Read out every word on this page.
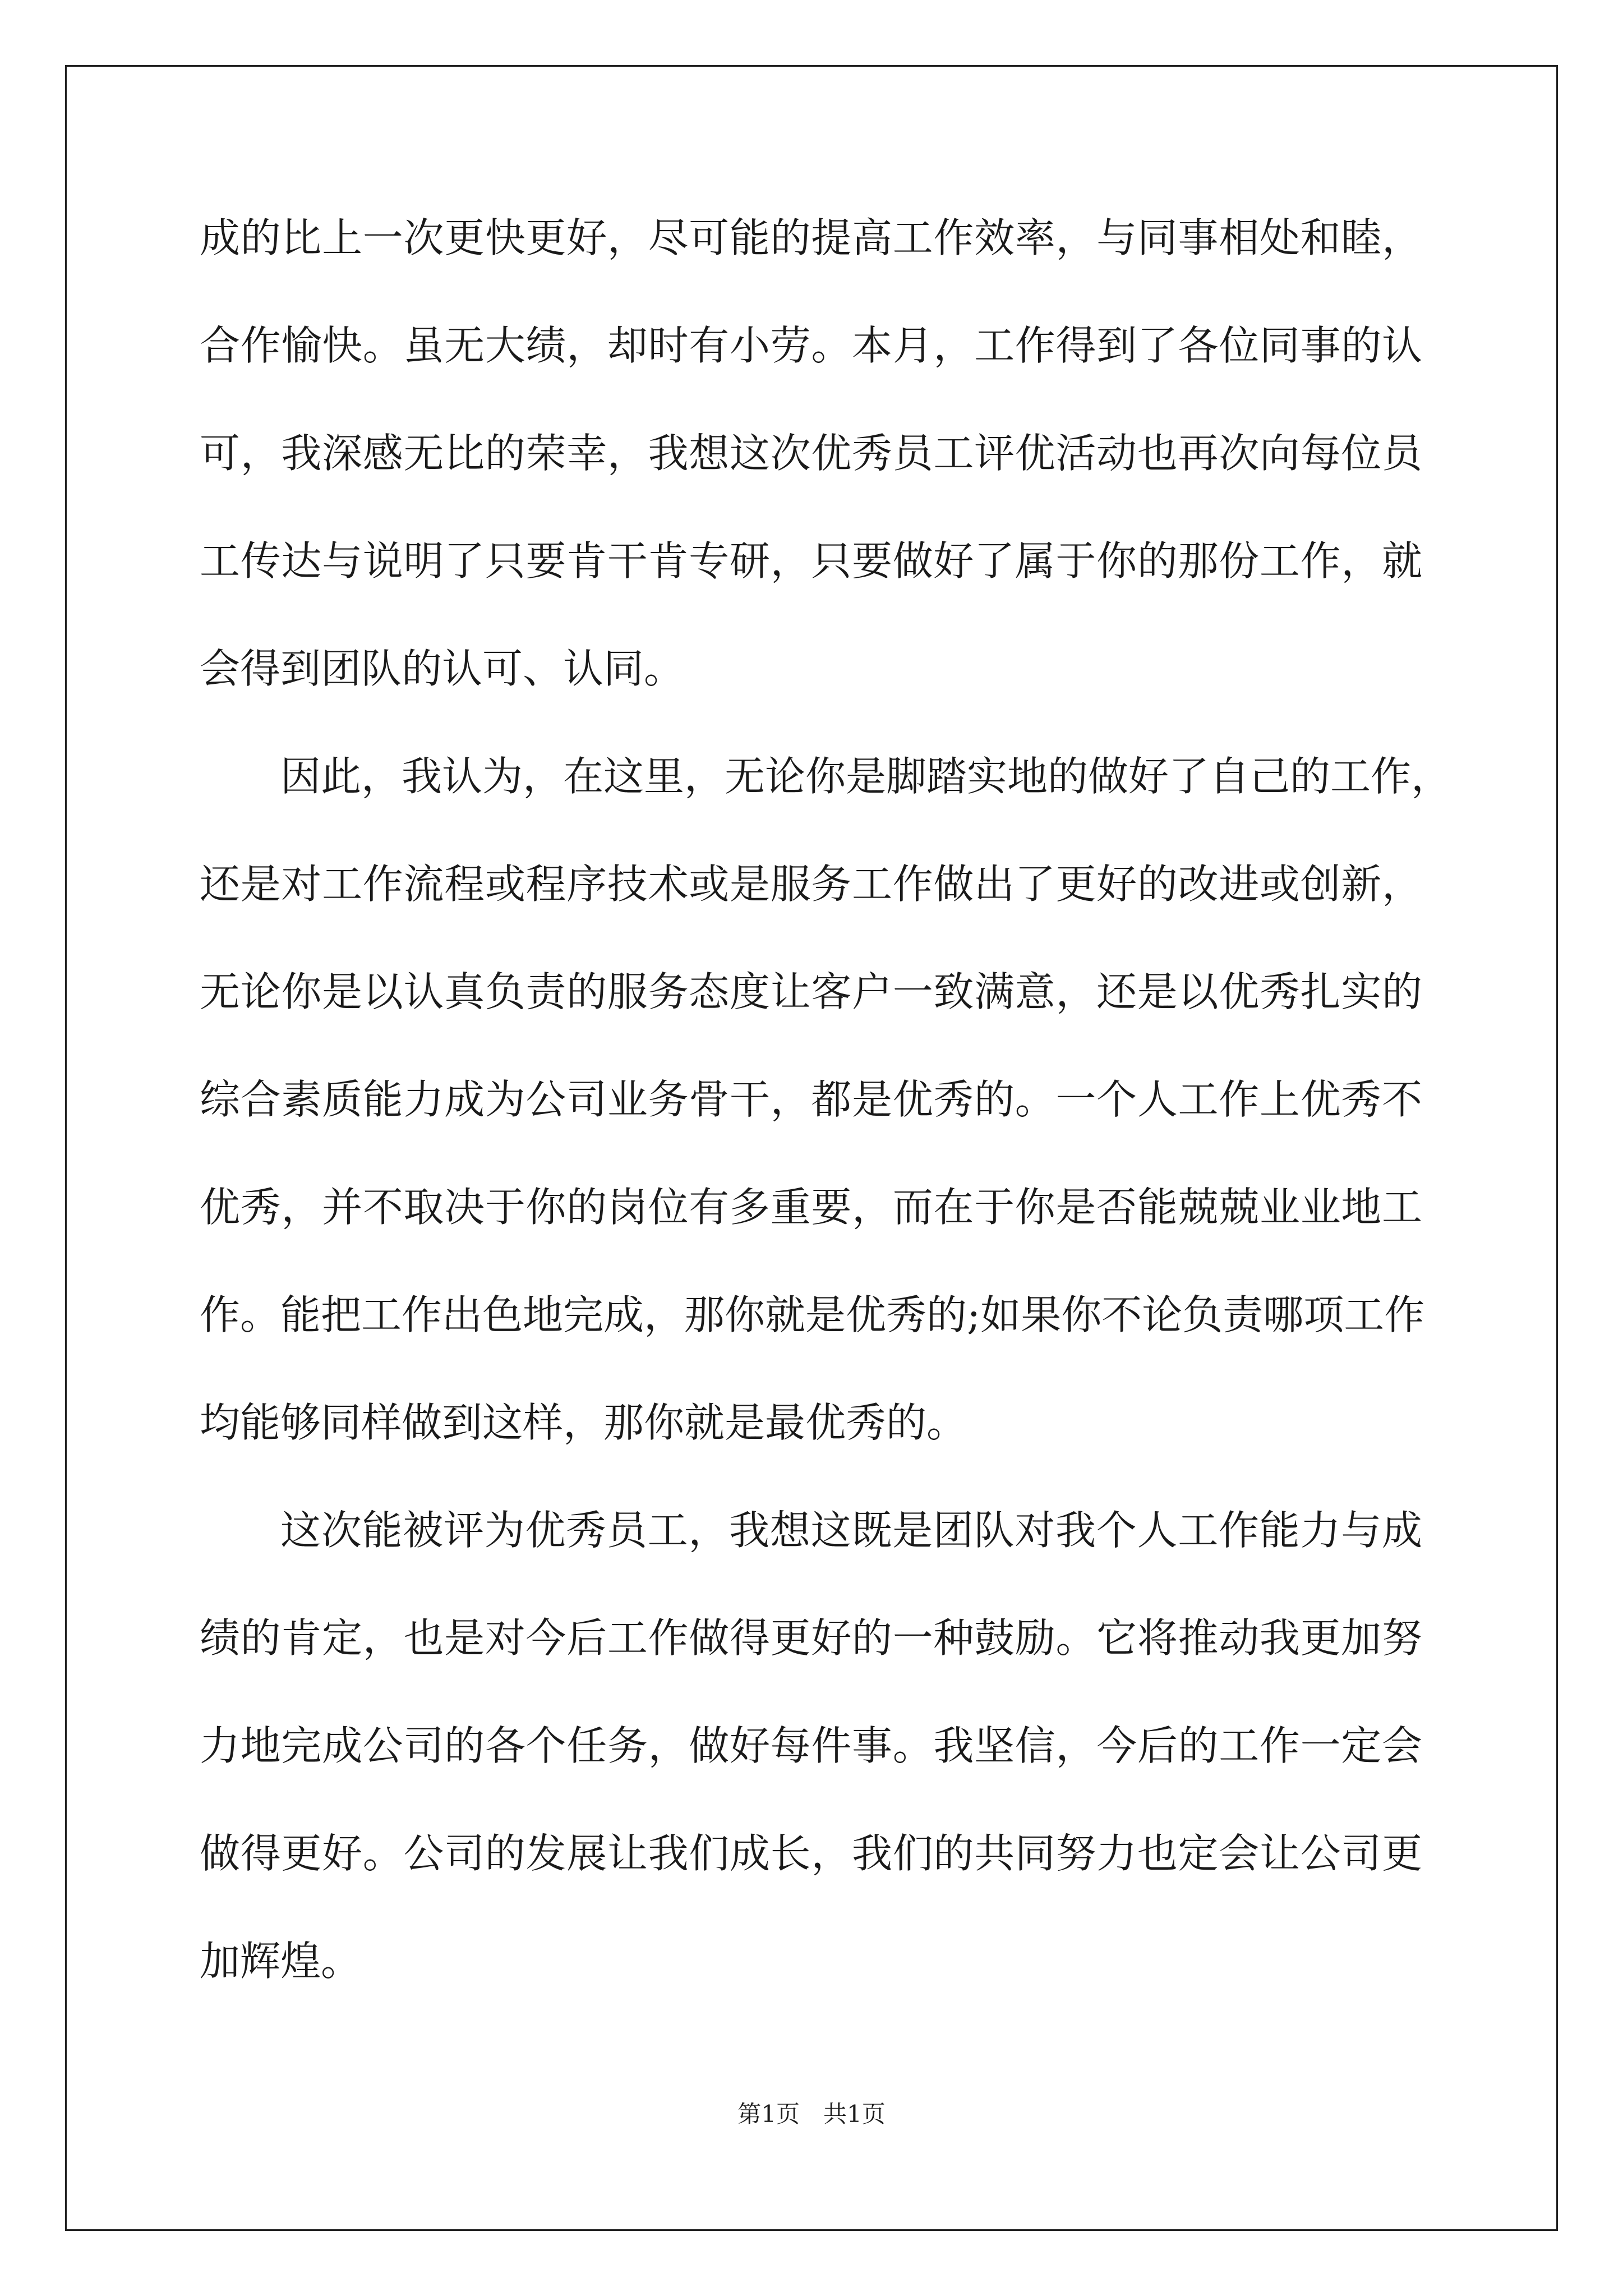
成的比上一次更快更好，尽可能的提高工作效率，与同事相处和睦，
合作愉快。虽无大绩，却时有小劳。本月，工作得到了各位同事的认
可，我深感无比的荣幸，我想这次优秀员工评优活动也再次向每位员
工传达与说明了只要肯干肯专研，只要做好了属于你的那份工作，就
会得到团队的认可、认同。
因此，我认为，在这里，无论你是脚踏实地的做好了自己的工作，
还是对工作流程或程序技术或是服务工作做出了更好的改进或创新，
无论你是以认真负责的服务态度让客户一致满意，还是以优秀扎实的
综合素质能力成为公司业务骨干，都是优秀的。一个人工作上优秀不
优秀，并不取决于你的岗位有多重要，而在于你是否能兢兢业业地工
作。能把工作出色地完成，那你就是优秀的;如果你不论负责哪项工作
均能够同样做到这样，那你就是最优秀的。
这次能被评为优秀员工，我想这既是团队对我个人工作能力与成
绩的肯定，也是对今后工作做得更好的一种鼓励。它将推动我更加努
力地完成公司的各个任务，做好每件事。我坚信，今后的工作一定会
做得更好。公司的发展让我们成长，我们的共同努力也定会让公司更
加辉煌。
第1页 共1页
